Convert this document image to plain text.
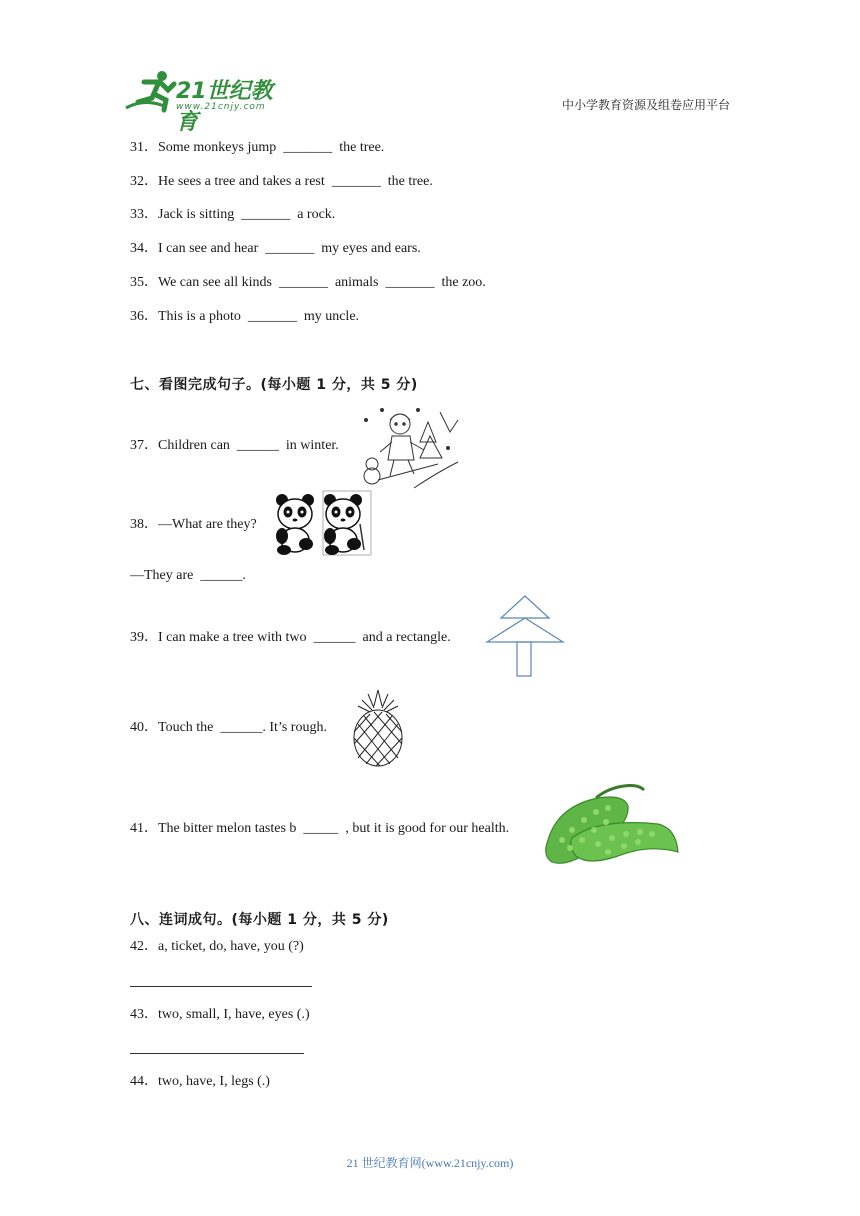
21世纪教育
www.21cnjy.com	中小学教育资源及组卷应用平台
31．Some monkeys jump  _______  the tree.
32．He sees a tree and takes a rest  _______  the tree.
33．Jack is sitting  _______  a rock.
34．I can see and hear  _______  my eyes and ears.
35．We can see all kinds  _______  animals  _______  the zoo.
36．This is a photo  _______  my uncle.
七、看图完成句子。(每小题 1 分，共 5 分)
37．Children can  ______  in winter.
38．—What are they?
—They are  ______.
39．I can make a tree with two  ______  and a rectangle.
40．Touch the  ______. It’s rough.
41．The bitter melon tastes b  _____  , but it is good for our health.
八、连词成句。(每小题 1 分，共 5 分)
42．a, ticket, do, have, you (?)
43．two, small, I, have, eyes (.)
44．two, have, I, legs (.)
21 世纪教育网(www.21cnjy.com)
